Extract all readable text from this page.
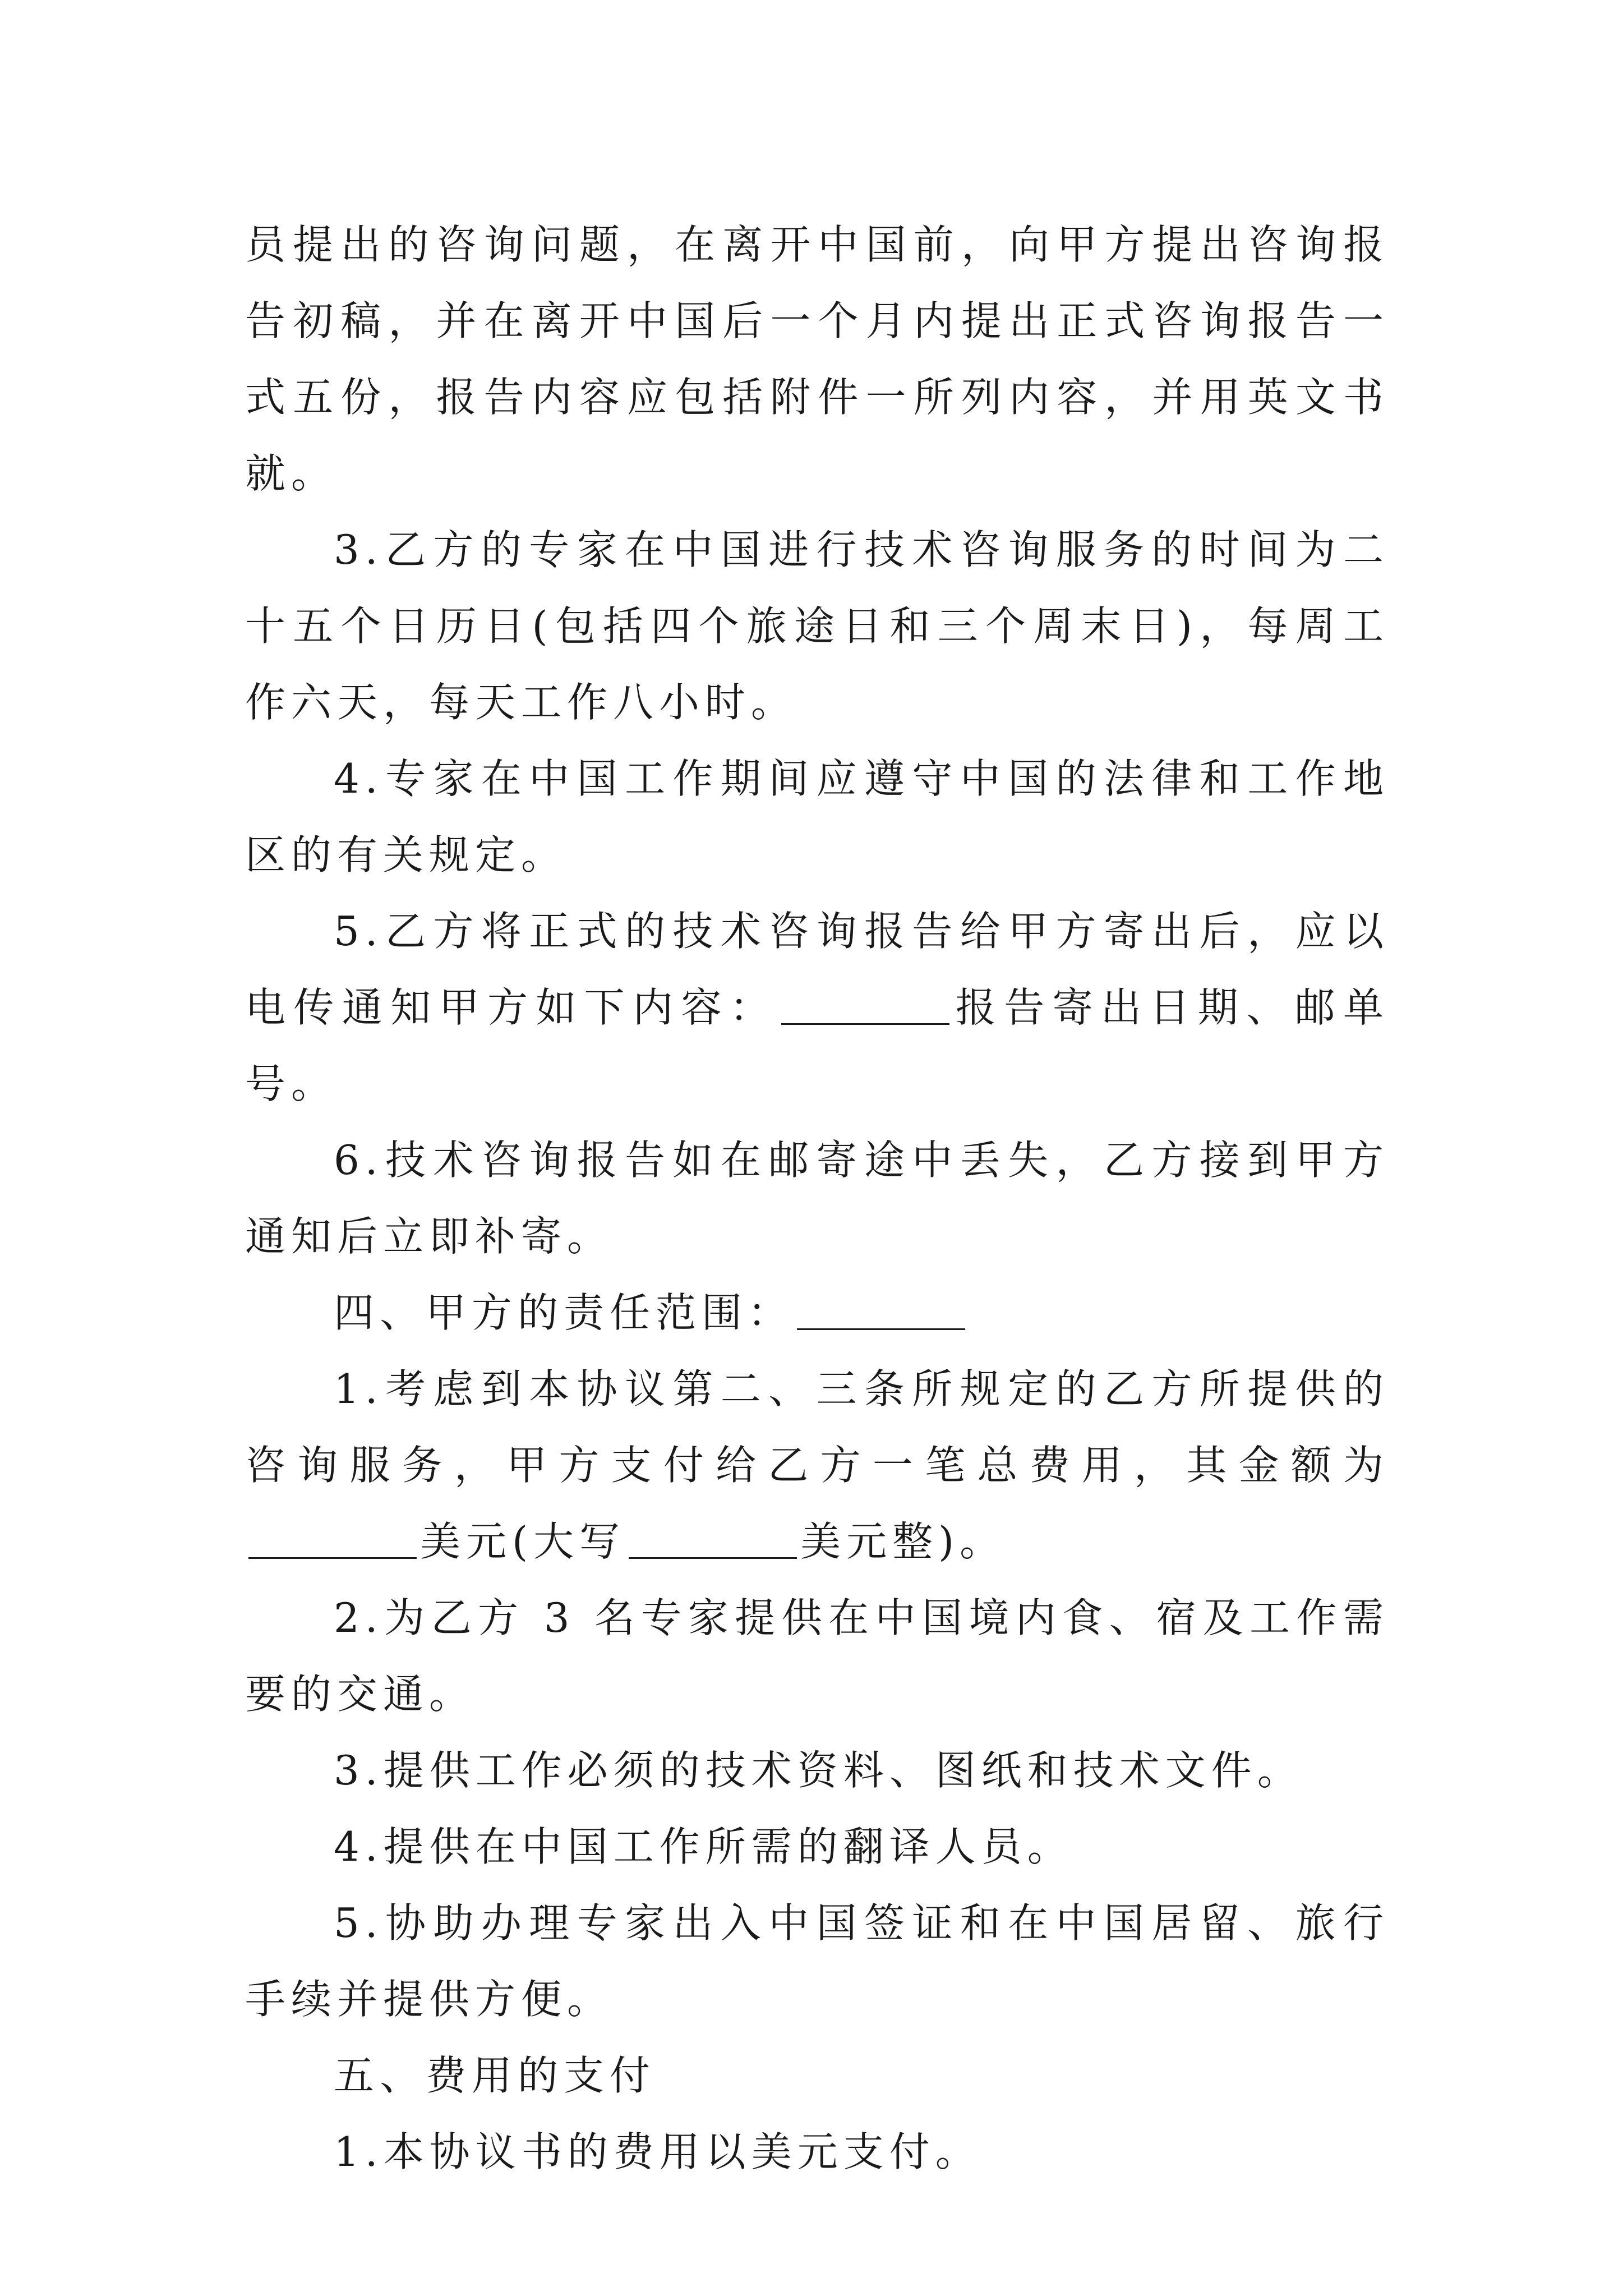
员提出的咨询问题，在离开中国前，向甲方提出咨询报告初稿，并在离开中国后一个月内提出正式咨询报告一式五份，报告内容应包括附件一所列内容，并用英文书就。

3.乙方的专家在中国进行技术咨询服务的时间为二十五个日历日(包括四个旅途日和三个周末日)，每周工作六天，每天工作八小时。

4.专家在中国工作期间应遵守中国的法律和工作地区的有关规定。

5.乙方将正式的技术咨询报告给甲方寄出后，应以电传通知甲方如下内容：	报告寄出日期、邮单号。

6.技术咨询报告如在邮寄途中丢失，乙方接到甲方通知后立即补寄。

四、甲方的责任范围：

1.考虑到本协议第二、三条所规定的乙方所提供的咨询服务，甲方支付给乙方一笔总费用，其金额为美元(大写	美元整)。

2.为乙方 3 名专家提供在中国境内食、宿及工作需要的交通。

3.提供工作必须的技术资料、图纸和技术文件。

4.提供在中国工作所需的翻译人员。

5.协助办理专家出入中国签证和在中国居留、旅行手续并提供方便。

五、费用的支付

1.本协议书的费用以美元支付。
